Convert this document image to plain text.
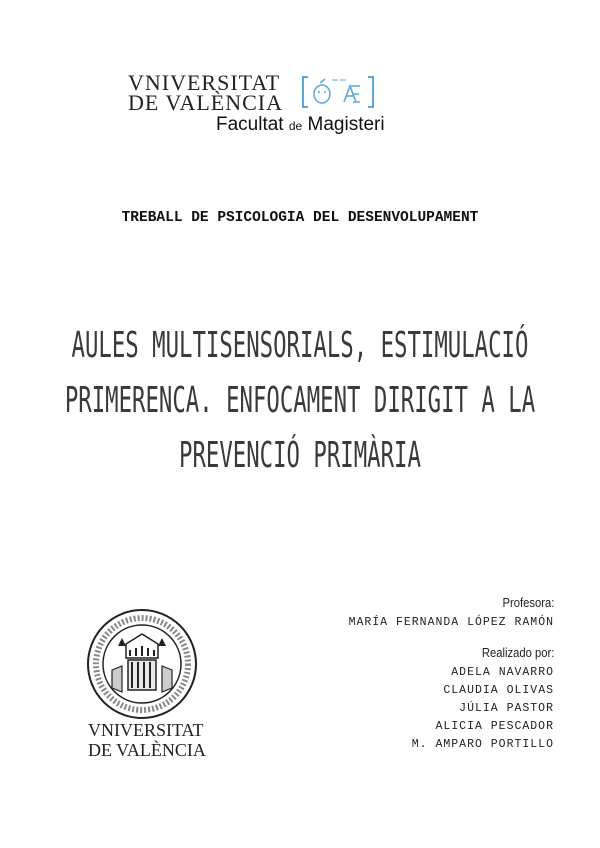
VNIVERSITAT
DE VALÈNCIA
Facultat de Magisteri
TREBALL DE PSICOLOGIA DEL DESENVOLUPAMENT
AULES MULTISENSORIALS, ESTIMULACIÓ
PRIMERENCA. ENFOCAMENT DIRIGIT A LA
PREVENCIÓ PRIMÀRIA
VNIVERSITAT
DE VALÈNCIA
Profesora:
MARÍA FERNANDA LÓPEZ RAMÓN
Realizado por:
ADELA NAVARRO
CLAUDIA OLIVAS
JÚLIA PASTOR
ALICIA PESCADOR
M. AMPARO PORTILLO
